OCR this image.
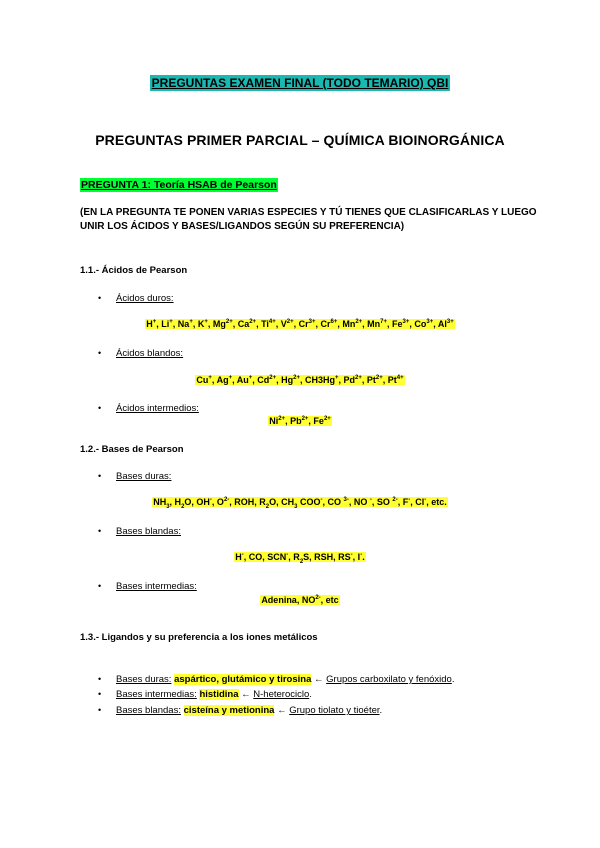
PREGUNTAS EXAMEN FINAL (TODO TEMARIO) QBI
PREGUNTAS PRIMER PARCIAL – QUÍMICA BIOINORGÁNICA
PREGUNTA 1: Teoría HSAB de Pearson
(EN LA PREGUNTA TE PONEN VARIAS ESPECIES Y TÚ TIENES QUE CLASIFICARLAS Y LUEGO UNIR LOS ÁCIDOS Y BASES/LIGANDOS SEGÚN SU PREFERENCIA)
1.1.- Ácidos de Pearson
• Ácidos duros:
H+, Li+, Na+, K+, $Mg^{2+}$, $Ca^{2+}$, $Ti^{4+}$, $V^{2+}$, $Cr^{3+}$, $Cr^{6+}$, $Mn^{2+}$, $Mn^{7+}$, $Fe^{3+}$, $Co^{3+}$, $Al^{3+}$
• Ácidos blandos:
Cu+, Ag+, Au+, $Cd^{2+}$, $Hg^{2+}$, CH3Hg+, $Pd^{2+}$, $Pt^{2+}$, $Pt^{4+}$
• Ácidos intermedios:
$Ni^{2+}$, $Pb^{2+}$, $Fe^{2+}$
1.2.- Bases de Pearson
• Bases duras:
$NH_3$, $H_2O$, OH-, $O^{2-}$, ROH, $R_2O$, $CH_3$ COO-, CO $^{3-}$, NO -, SO $^{2-}$, F-, Cl-, etc.
• Bases blandas:
H-, CO, SCN-, $R_2S$, RSH, RS-, I-.
• Bases intermedias:
Adenina, $NO^{2-}$, etc
1.3.- Ligandos y su preferencia a los iones metálicos
• Bases duras: aspártico, glutámico y tirosina ← Grupos carboxilato y fenóxido.
• Bases intermedias: histidina ← N-heterociclo.
• Bases blandas: cisteína y metionina ← Grupo tiolato y tioéter.
